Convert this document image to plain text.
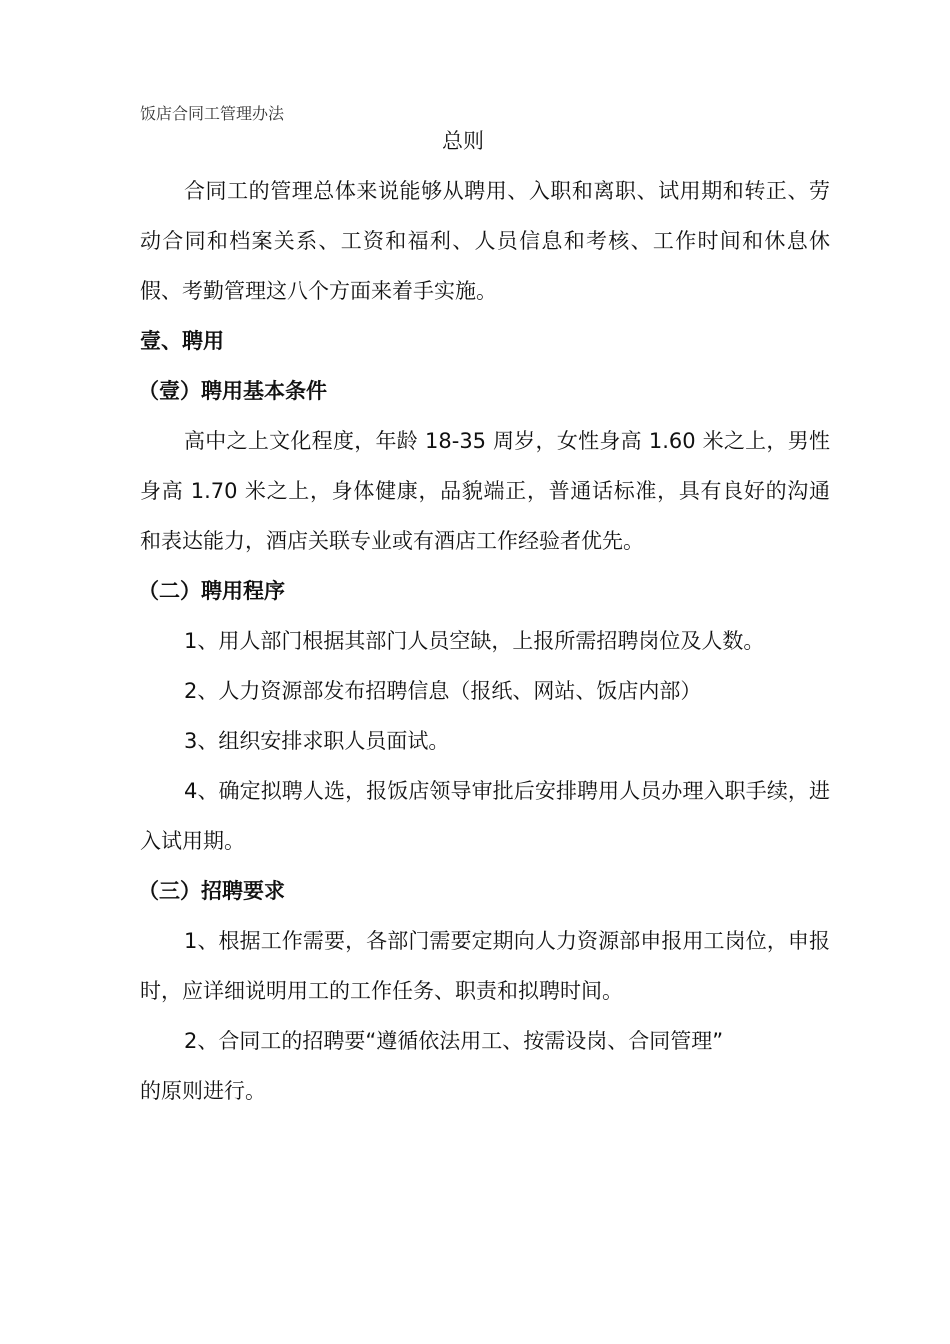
饭店合同工管理办法
总则

合同工的管理总体来说能够从聘用、入职和离职、试用期和转正、劳动合同和档案关系、工资和福利、人员信息和考核、工作时间和休息休假、考勤管理这八个方面来着手实施。

壹、聘用

（壹）聘用基本条件

高中之上文化程度，年龄 18-35 周岁，女性身高 1.60 米之上，男性身高 1.70 米之上，身体健康，品貌端正，普通话标准，具有良好的沟通和表达能力，酒店关联专业或有酒店工作经验者优先。

（二）聘用程序

1、用人部门根据其部门人员空缺，上报所需招聘岗位及人数。

2、人力资源部发布招聘信息（报纸、网站、饭店内部）

3、组织安排求职人员面试。

4、确定拟聘人选，报饭店领导审批后安排聘用人员办理入职手续，进入试用期。

（三）招聘要求

1、根据工作需要，各部门需要定期向人力资源部申报用工岗位，申报时，应详细说明用工的工作任务、职责和拟聘时间。

2、合同工的招聘要“遵循依法用工、按需设岗、合同管理”

的原则进行。
